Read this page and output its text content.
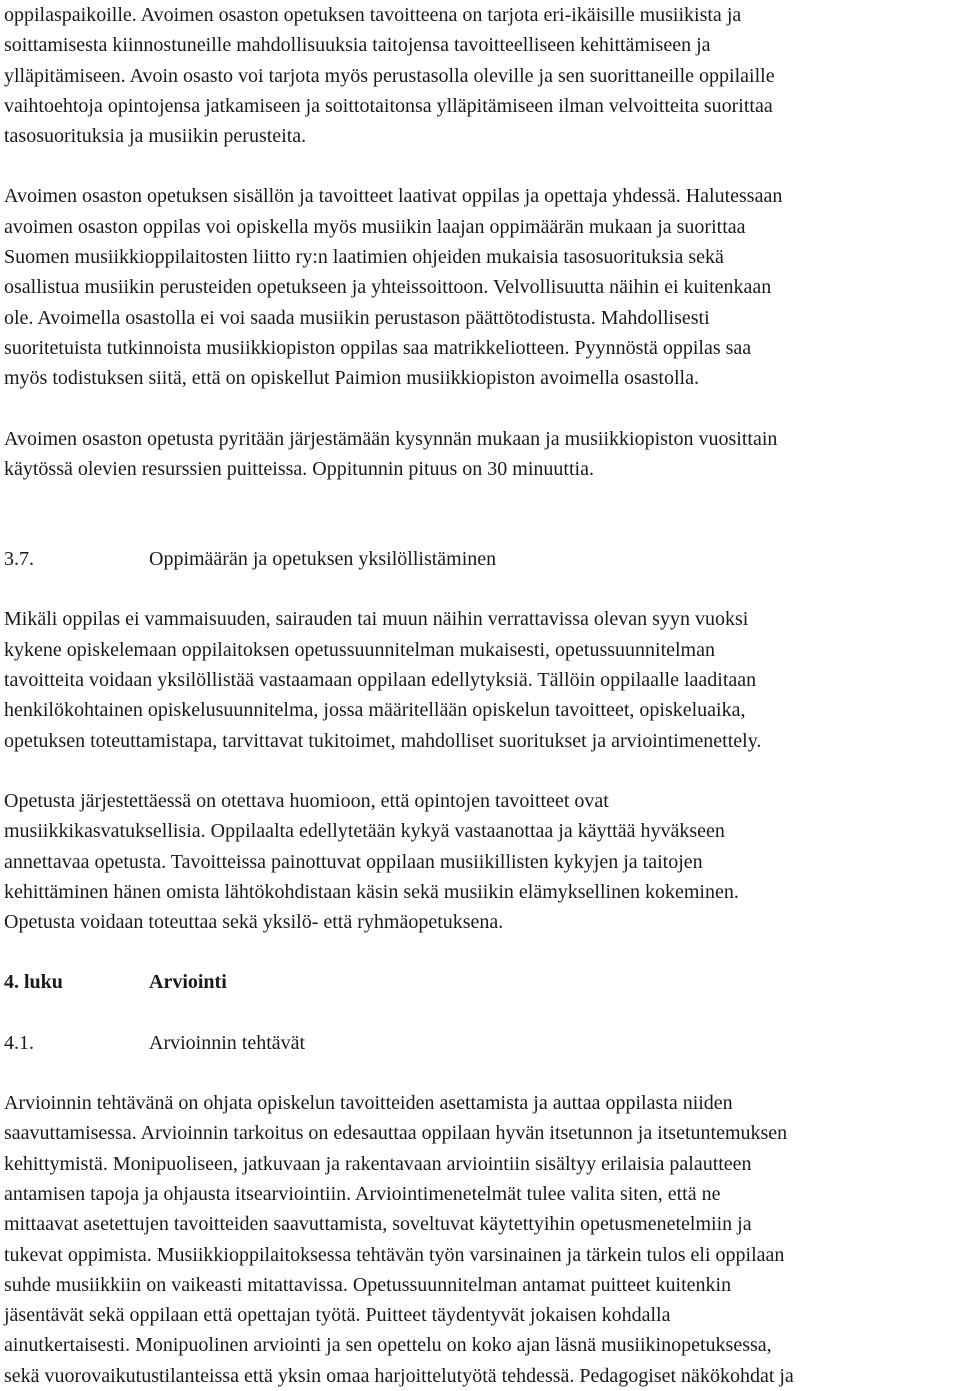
oppilaspaikoille. Avoimen osaston opetuksen tavoitteena on tarjota eri-ikäisille musiikista ja
soittamisesta kiinnostuneille mahdollisuuksia taitojensa tavoitteelliseen kehittämiseen ja
ylläpitämiseen. Avoin osasto voi tarjota myös perustasolla oleville ja sen suorittaneille oppilaille
vaihtoehtoja opintojensa jatkamiseen ja soittotaitonsa ylläpitämiseen ilman velvoitteita suorittaa
tasosuorituksia ja musiikin perusteita.
Avoimen osaston opetuksen sisällön ja tavoitteet laativat oppilas ja opettaja yhdessä. Halutessaan
avoimen osaston oppilas voi opiskella myös musiikin laajan oppimäärän mukaan ja suorittaa
Suomen musiikkioppilaitosten liitto ry:n laatimien ohjeiden mukaisia tasosuorituksia sekä
osallistua musiikin perusteiden opetukseen ja yhteissoittoon. Velvollisuutta näihin ei kuitenkaan
ole. Avoimella osastolla ei voi saada musiikin perustason päättötodistusta. Mahdollisesti
suoritetuista tutkinnoista musiikkiopiston oppilas saa matrikkeliotteen. Pyynnöstä oppilas saa
myös todistuksen siitä, että on opiskellut Paimion musiikkiopiston avoimella osastolla.
Avoimen osaston opetusta pyritään järjestämään kysynnän mukaan ja musiikkiopiston vuosittain
käytössä olevien resurssien puitteissa. Oppitunnin pituus on 30 minuuttia.
3.7.	Oppimäärän ja opetuksen yksilöllistäminen
Mikäli oppilas ei vammaisuuden, sairauden tai muun näihin verrattavissa olevan syyn vuoksi
kykene opiskelemaan oppilaitoksen opetussuunnitelman mukaisesti, opetussuunnitelman
tavoitteita voidaan yksilöllistää vastaamaan oppilaan edellytyksiä. Tällöin oppilaalle laaditaan
henkilökohtainen opiskelusuunnitelma, jossa määritellään opiskelun tavoitteet, opiskeluaika,
opetuksen toteuttamistapa, tarvittavat tukitoimet, mahdolliset suoritukset ja arviointimenettely.
Opetusta järjestettäessä on otettava huomioon, että opintojen tavoitteet ovat
musiikkikasvatuksellisia. Oppilaalta edellytetään kykyä vastaanottaa ja käyttää hyväkseen
annettavaa opetusta. Tavoitteissa painottuvat oppilaan musiikillisten kykyjen ja taitojen
kehittäminen hänen omista lähtökohdistaan käsin sekä musiikin elämyksellinen kokeminen.
Opetusta voidaan toteuttaa sekä yksilö- että ryhmäopetuksena.
4. luku	Arviointi
4.1.	Arvioinnin tehtävät
Arvioinnin tehtävänä on ohjata opiskelun tavoitteiden asettamista ja auttaa oppilasta niiden
saavuttamisessa. Arvioinnin tarkoitus on edesauttaa oppilaan hyvän itsetunnon ja itsetuntemuksen
kehittymistä. Monipuoliseen, jatkuvaan ja rakentavaan arviointiin sisältyy erilaisia palautteen
antamisen tapoja ja ohjausta itsearviointiin. Arviointimenetelmät tulee valita siten, että ne
mittaavat asetettujen tavoitteiden saavuttamista, soveltuvat käytettyihin opetusmenetelmiin ja
tukevat oppimista. Musiikkioppilaitoksessa tehtävän työn varsinainen ja tärkein tulos eli oppilaan
suhde musiikkiin on vaikeasti mitattavissa. Opetussuunnitelman antamat puitteet kuitenkin
jäsentävät sekä oppilaan että opettajan työtä. Puitteet täydentyvät jokaisen kohdalla
ainutkertaisesti. Monipuolinen arviointi ja sen opettelu on koko ajan läsnä musiikinopetuksessa,
sekä vuorovaikutustilanteissa että yksin omaa harjoittelutyötä tehdessä. Pedagogiset näkökohdat ja
